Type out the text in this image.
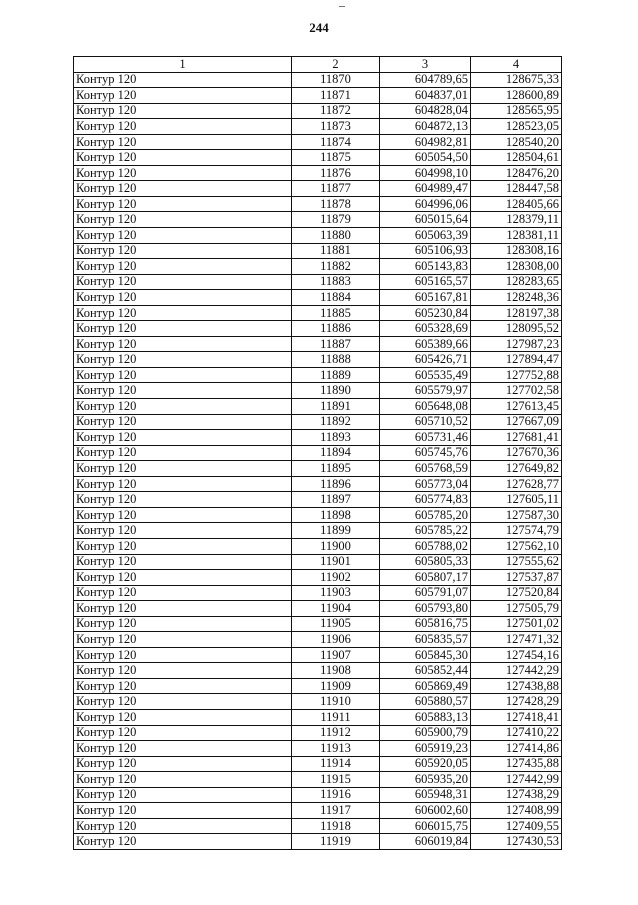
–
244
1	2	3	4
Контур 120	11870	604789,65	128675,33
Контур 120	11871	604837,01	128600,89
Контур 120	11872	604828,04	128565,95
Контур 120	11873	604872,13	128523,05
Контур 120	11874	604982,81	128540,20
Контур 120	11875	605054,50	128504,61
Контур 120	11876	604998,10	128476,20
Контур 120	11877	604989,47	128447,58
Контур 120	11878	604996,06	128405,66
Контур 120	11879	605015,64	128379,11
Контур 120	11880	605063,39	128381,11
Контур 120	11881	605106,93	128308,16
Контур 120	11882	605143,83	128308,00
Контур 120	11883	605165,57	128283,65
Контур 120	11884	605167,81	128248,36
Контур 120	11885	605230,84	128197,38
Контур 120	11886	605328,69	128095,52
Контур 120	11887	605389,66	127987,23
Контур 120	11888	605426,71	127894,47
Контур 120	11889	605535,49	127752,88
Контур 120	11890	605579,97	127702,58
Контур 120	11891	605648,08	127613,45
Контур 120	11892	605710,52	127667,09
Контур 120	11893	605731,46	127681,41
Контур 120	11894	605745,76	127670,36
Контур 120	11895	605768,59	127649,82
Контур 120	11896	605773,04	127628,77
Контур 120	11897	605774,83	127605,11
Контур 120	11898	605785,20	127587,30
Контур 120	11899	605785,22	127574,79
Контур 120	11900	605788,02	127562,10
Контур 120	11901	605805,33	127555,62
Контур 120	11902	605807,17	127537,87
Контур 120	11903	605791,07	127520,84
Контур 120	11904	605793,80	127505,79
Контур 120	11905	605816,75	127501,02
Контур 120	11906	605835,57	127471,32
Контур 120	11907	605845,30	127454,16
Контур 120	11908	605852,44	127442,29
Контур 120	11909	605869,49	127438,88
Контур 120	11910	605880,57	127428,29
Контур 120	11911	605883,13	127418,41
Контур 120	11912	605900,79	127410,22
Контур 120	11913	605919,23	127414,86
Контур 120	11914	605920,05	127435,88
Контур 120	11915	605935,20	127442,99
Контур 120	11916	605948,31	127438,29
Контур 120	11917	606002,60	127408,99
Контур 120	11918	606015,75	127409,55
Контур 120	11919	606019,84	127430,53
